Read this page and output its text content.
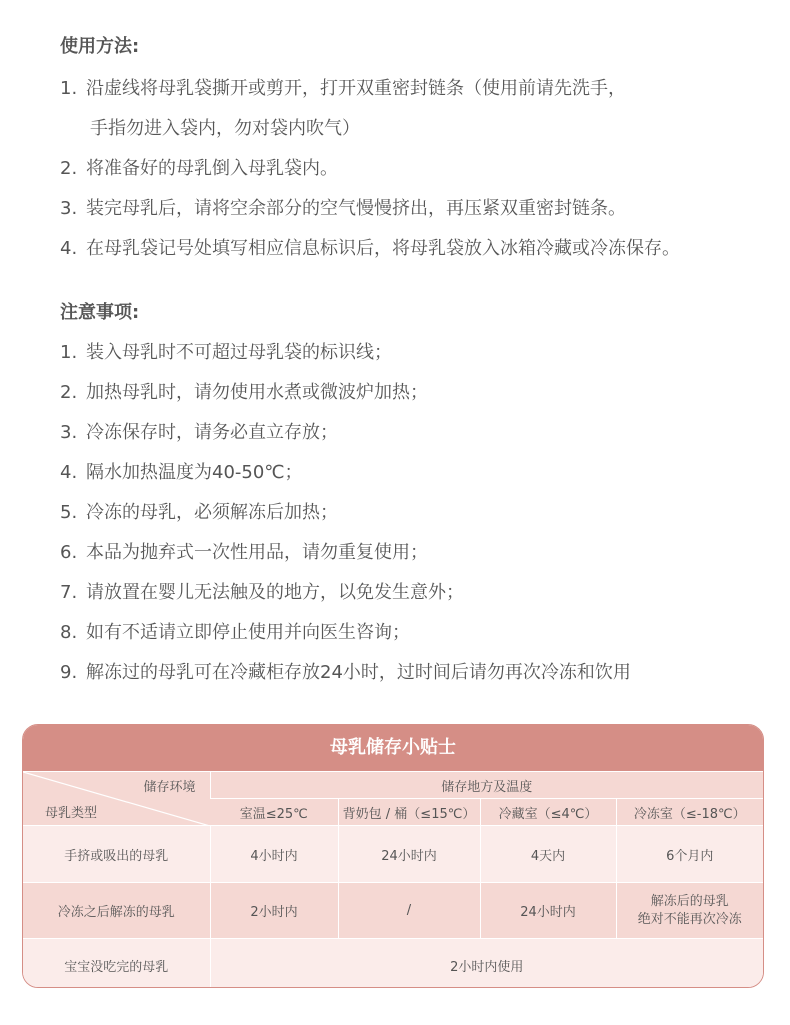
使用方法:
1. 沿虚线将母乳袋撕开或剪开，打开双重密封链条（使用前请先洗手，
手指勿进入袋内，勿对袋内吹气）
2. 将准备好的母乳倒入母乳袋内。
3. 装完母乳后，请将空余部分的空气慢慢挤出，再压紧双重密封链条。
4. 在母乳袋记号处填写相应信息标识后，将母乳袋放入冰箱冷藏或冷冻保存。
注意事项:
1. 装入母乳时不可超过母乳袋的标识线；
2. 加热母乳时，请勿使用水煮或微波炉加热；
3. 冷冻保存时，请务必直立存放；
4. 隔水加热温度为40-50℃；
5. 冷冻的母乳，必须解冻后加热；
6. 本品为抛弃式一次性用品，请勿重复使用；
7. 请放置在婴儿无法触及的地方，以免发生意外；
8. 如有不适请立即停止使用并向医生咨询；
9. 解冻过的母乳可在冷藏柜存放24小时，过时间后请勿再次冷冻和饮用
母乳储存小贴士
储存环境
母乳类型	储存地方及温度			
	室温≤25℃	背奶包 / 桶（≤15℃）	冷藏室（≤4℃）	冷冻室（≤-18℃）
手挤或吸出的母乳	4小时内	24小时内	4天内	6个月内
冷冻之后解冻的母乳	2小时内	/	24小时内	解冻后的母乳
绝对不能再次冷冻

宝宝没吃完的母乳	2小时内使用			
